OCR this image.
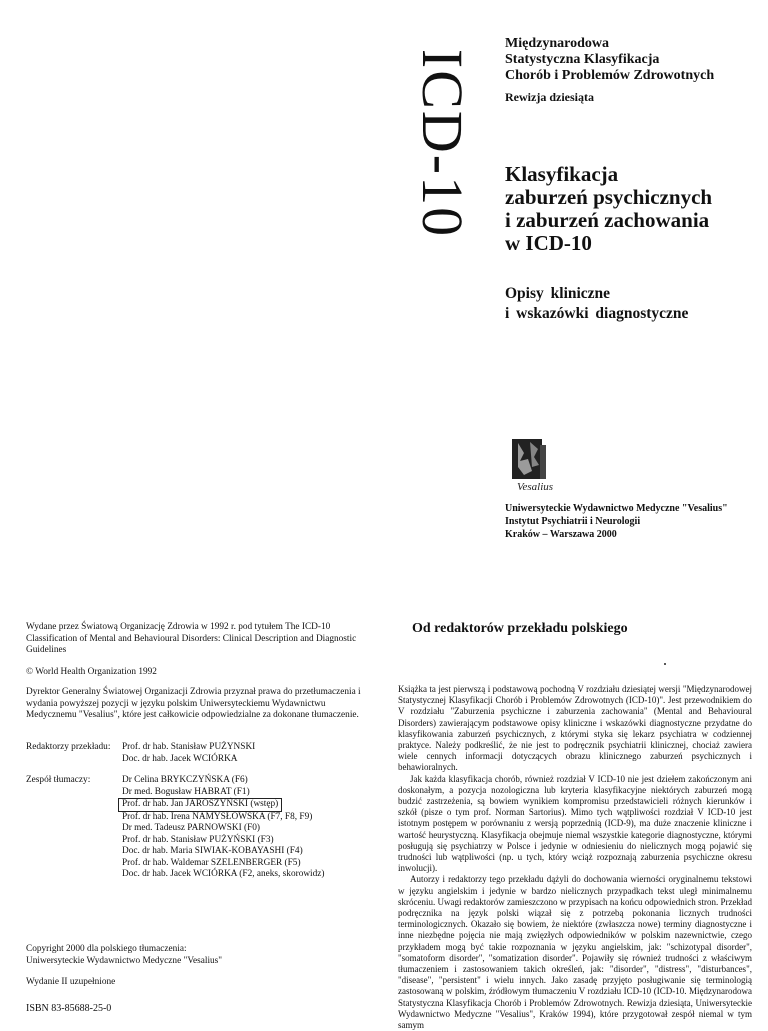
ICD-10
Międzynarodowa
Statystyczna Klasyfikacja
Chorób i Problemów Zdrowotnych
Rewizja dziesiąta
Klasyfikacja
zaburzeń psychicznych
i zaburzeń zachowania
w ICD-10
Opisy kliniczne
i wskazówki diagnostyczne
Vesalius
Uniwersyteckie Wydawnictwo Medyczne "Vesalius"
Instytut Psychiatrii i Neurologii
Kraków – Warszawa 2000

Wydane przez Światową Organizację Zdrowia w 1992 r. pod tytułem The ICD-10 Classification of Mental and Behavioural Disorders: Clinical Description and Diagnostic Guidelines

© World Health Organization 1992

Dyrektor Generalny Światowej Organizacji Zdrowia przyznał prawa do przetłumaczenia i wydania powyższej pozycji w języku polskim Uniwersyteckiemu Wydawnictwu Medycznemu "Vesalius", które jest całkowicie odpowiedzialne za dokonane tłumaczenie.

Redaktorzy przekładu:	Prof. dr hab. Stanisław PUŻYNSKI
Doc. dr hab. Jacek WCIÓRKA
Zespół tłumaczy:	Dr Celina BRYKCZYŃSKA (F6)
Dr med. Bogusław HABRAT (F1)
Prof. dr hab. Jan JAROSZYŃSKI (wstęp)
Prof. dr hab. Irena NAMYSŁOWSKA (F7, F8, F9)
Dr med. Tadeusz PARNOWSKI (F0)
Prof. dr hab. Stanisław PUŻYŃSKI (F3)
Doc. dr hab. Maria SIWIAK-KOBAYASHI (F4)
Prof. dr hab. Waldemar SZELENBERGER (F5)
Doc. dr hab. Jacek WCIÓRKA (F2, aneks, skorowidz)
Copyright 2000 dla polskiego tłumaczenia:
Uniwersyteckie Wydawnictwo Medyczne "Vesalius"
Wydanie II uzupełnione
ISBN 83-85688-25-0
Od redaktorów przekładu polskiego

Książka ta jest pierwszą i podstawową pochodną V rozdziału dziesiątej wersji "Międzynarodowej Statystycznej Klasyfikacji Chorób i Problemów Zdrowotnych (ICD-10)". Jest przewodnikiem do V rozdziału "Zaburzenia psychiczne i zaburzenia zachowania" (Mental and Behavioural Disorders) zawierającym podstawowe opisy kliniczne i wskazówki diagnostyczne przydatne do klasyfikowania zaburzeń psychicznych, z którymi styka się lekarz psychiatra w codziennej praktyce. Należy podkreślić, że nie jest to podręcznik psychiatrii klinicznej, chociaż zawiera wiele cennych informacji dotyczących obrazu klinicznego zaburzeń psychicznych i behawioralnych.

Jak każda klasyfikacja chorób, również rozdział V ICD-10 nie jest dziełem zakończonym ani doskonałym, a pozycja nozologiczna lub kryteria klasyfikacyjne niektórych zaburzeń mogą budzić zastrzeżenia, są bowiem wynikiem kompromisu przedstawicieli różnych kierunków i szkół (pisze o tym prof. Norman Sartorius). Mimo tych wątpliwości rozdział V ICD-10 jest istotnym postępem w porównaniu z wersją poprzednią (ICD-9), ma duże znaczenie kliniczne i wartość heurystyczną. Klasyfikacja obejmuje niemal wszystkie kategorie diagnostyczne, którymi posługują się psychiatrzy w Polsce i jedynie w odniesieniu do nielicznych mogą pojawić się trudności lub wątpliwości (np. u tych, który wciąż rozpoznają zaburzenia psychiczne okresu inwolucji).

Autorzy i redaktorzy tego przekładu dążyli do dochowania wierności oryginalnemu tekstowi w języku angielskim i jedynie w bardzo nielicznych przypadkach tekst uległ minimalnemu skróceniu. Uwagi redaktorów zamieszczono w przypisach na końcu odpowiednich stron. Przekład podręcznika na język polski wiązał się z potrzebą pokonania licznych trudności terminologicznych. Okazało się bowiem, że niektóre (zwłaszcza nowe) terminy diagnostyczne i inne niezbędne pojęcia nie mają zwięzłych odpowiedników w polskim nazewnictwie, czego przykładem mogą być takie rozpoznania w języku angielskim, jak: "schizotypal disorder", "somatoform disorder", "somatization disorder". Pojawiły się również trudności z właściwym tłumaczeniem i zastosowaniem takich określeń, jak: "disorder", "distress", "disturbances", "disease", "persistent" i wielu innych. Jako zasadę przyjęto posługiwanie się terminologią zastosowaną w polskim, źródłowym tłumaczeniu V rozdziału ICD-10 (ICD-10. Międzynarodowa Statystyczna Klasyfikacja Chorób i Problemów Zdrowotnych. Rewizja dziesiąta, Uniwersyteckie Wydawnictwo Medyczne "Vesalius", Kraków 1994), które przygotował zespół niemal w tym samym
